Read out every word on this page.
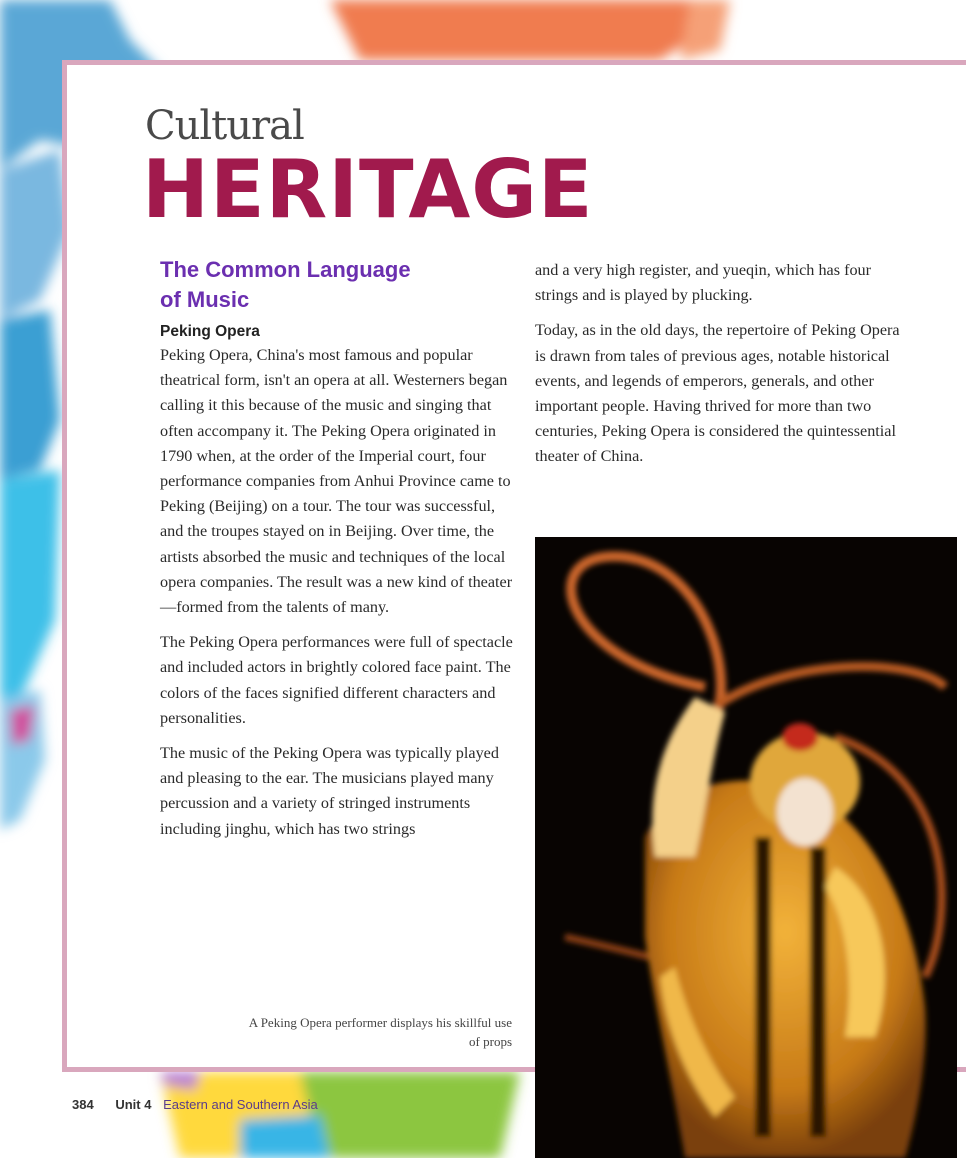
Cultural
HERITAGE
The Common Language
of Music
Peking Opera

Peking Opera, China's most famous and popular theatrical form, isn't an opera at all. Westerners began calling it this because of the music and singing that often accompany it. The Peking Opera originated in 1790 when, at the order of the Imperial court, four performance companies from Anhui Province came to Peking (Beijing) on a tour. The tour was successful, and the troupes stayed on in Beijing. Over time, the artists absorbed the music and techniques of the local opera companies. The result was a new kind of theater—formed from the talents of many.

The Peking Opera performances were full of spectacle and included actors in brightly colored face paint. The colors of the faces signified different characters and personalities.

The music of the Peking Opera was typically played and pleasing to the ear. The musicians played many percussion and a variety of stringed instruments including jinghu, which has two strings

and a very high register, and yueqin, which has four strings and is played by plucking.

Today, as in the old days, the repertoire of Peking Opera is drawn from tales of previous ages, notable historical events, and legends of emperors, generals, and other important people. Having thrived for more than two centuries, Peking Opera is considered the quintessential theater of China.

A Peking Opera performer displays his skillful use of props
384 Unit 4 Eastern and Southern Asia
